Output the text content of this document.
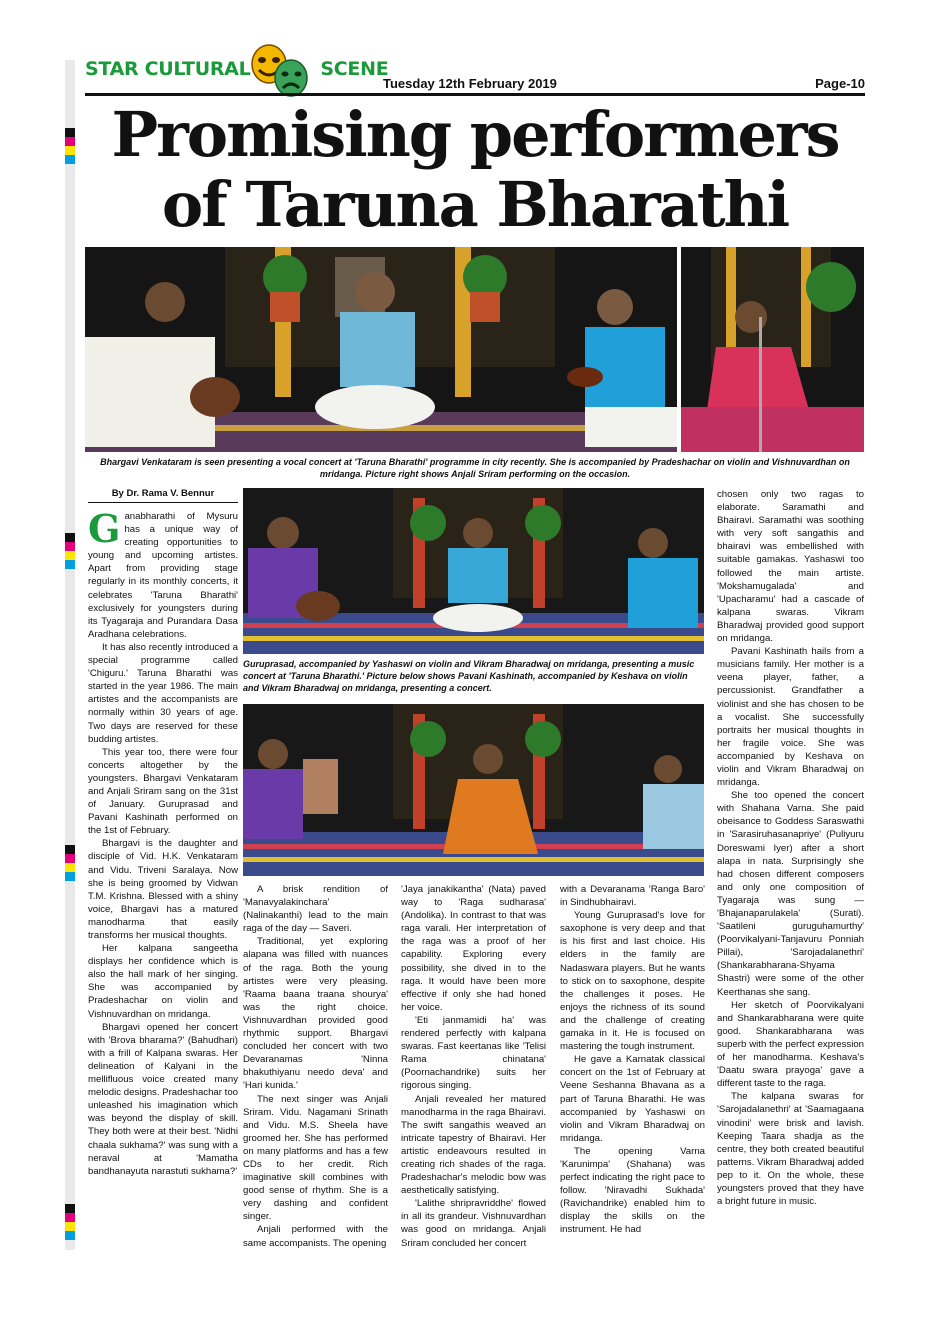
STAR CULTURAL	SCENE
Tuesday 12th February 2019	Page-10
Promising performers
of Taruna Bharathi
Bhargavi Venkataram is seen presenting a vocal concert at 'Taruna Bharathi' programme in city recently. She is accompanied by Pradeshachar on violin and Vishnuvardhan on mridanga. Picture right shows Anjali Sriram performing on the occasion.
By Dr. Rama V. Bennur
Guruprasad, accompanied by Yashaswi on violin and Vikram Bharadwaj on mridanga, presenting a music concert at 'Taruna Bharathi.' Picture below shows Pavani Kashinath, accompanied by Keshava on violin and Vikram Bharadwaj on mridanga, presenting a concert.

Ganabharathi of Mysuru has a unique way of creating opportunities to young and upcoming artistes. Apart from providing stage regularly in its monthly concerts, it celebrates 'Taruna Bharathi' exclusively for youngsters during its Tyagaraja and Purandara Dasa Aradhana celebrations.

It has also recently introduced a special programme called 'Chiguru.' Taruna Bharathi was started in the year 1986. The main artistes and the accompanists are normally within 30 years of age. Two days are reserved for these budding artistes.

This year too, there were four concerts altogether by the youngsters. Bhargavi Venkataram and Anjali Sriram sang on the 31st of January. Guruprasad and Pavani Kashinath performed on the 1st of February.

Bhargavi is the daughter and disciple of Vid. H.K. Venkataram and Vidu. Triveni Saralaya. Now she is being groomed by Vidwan T.M. Krishna. Blessed with a shiny voice, Bhargavi has a matured manodharma that easily transforms her musical thoughts.

Her kalpana sangeetha displays her confidence which is also the hall mark of her singing. She was accompanied by Pradeshachar on violin and Vishnuvardhan on mridanga.

Bhargavi opened her concert with 'Brova bharama?' (Bahudhari) with a frill of Kalpana swaras. Her delineation of Kalyani in the mellifluous voice created many melodic designs. Pradeshachar too unleashed his imagination which was beyond the display of skill. They both were at their best. 'Nidhi chaala sukhama?' was sung with a neraval at 'Mamatha bandhanayuta narastuti sukhama?'

A brisk rendition of 'Manavyalakinchara' (Nalinakanthi) lead to the main raga of the day — Saveri.

Traditional, yet exploring alapana was filled with nuances of the raga. Both the young artistes were very pleasing. 'Raama baana traana shourya' was the right choice. Vishnuvardhan provided good rhythmic support. Bhargavi concluded her concert with two Devaranamas 'Ninna bhakuthiyanu needo deva' and 'Hari kunida.'

The next singer was Anjali Sriram. Vidu. Nagamani Srinath and Vidu. M.S. Sheela have groomed her. She has performed on many platforms and has a few CDs to her credit. Rich imaginative skill combines with good sense of rhythm. She is a very dashing and confident singer.

Anjali performed with the same accompanists. The opening

'Jaya janakikantha' (Nata) paved way to 'Raga sudharasa' (Andolika). In contrast to that was raga varali. Her interpretation of the raga was a proof of her capability. Exploring every possibility, she dived in to the raga. It would have been more effective if only she had honed her voice.

'Eti janmamidi ha' was rendered perfectly with kalpana swaras. Fast keertanas like 'Telisi Rama chinatana' (Poornachandrike) suits her rigorous singing.

Anjali revealed her matured manodharma in the raga Bhairavi. The swift sangathis weaved an intricate tapestry of Bhairavi. Her artistic endeavours resulted in creating rich shades of the raga. Pradeshachar's melodic bow was aesthetically satisfying.

'Lalithe shripravriddhe' flowed in all its grandeur. Vishnuvardhan was good on mridanga. Anjali Sriram concluded her concert

with a Devaranama 'Ranga Baro' in Sindhubhairavi.

Young Guruprasad's love for saxophone is very deep and that is his first and last choice. His elders in the family are Nadaswara players. But he wants to stick on to saxophone, despite the challenges it poses. He enjoys the richness of its sound and the challenge of creating gamaka in it. He is focused on mastering the tough instrument.

He gave a Karnatak classical concert on the 1st of February at Veene Seshanna Bhavana as a part of Taruna Bharathi. He was accompanied by Yashaswi on violin and Vikram Bharadwaj on mridanga.

The opening Varna 'Karunimpa' (Shahana) was perfect indicating the right pace to follow. 'Niravadhi Sukhada' (Ravichandrike) enabled him to display the skills on the instrument. He had

chosen only two ragas to elaborate. Saramathi and Bhairavi. Saramathi was soothing with very soft sangathis and bhairavi was embellished with suitable gamakas. Yashaswi too followed the main artiste. 'Mokshamugalada' and 'Upacharamu' had a cascade of kalpana swaras. Vikram Bharadwaj provided good support on mridanga.

Pavani Kashinath hails from a musicians family. Her mother is a veena player, father, a percussionist. Grandfather a violinist and she has chosen to be a vocalist. She successfully portraits her musical thoughts in her fragile voice. She was accompanied by Keshava on violin and Vikram Bharadwaj on mridanga.

She too opened the concert with Shahana Varna. She paid obeisance to Goddess Saraswathi in 'Sarasiruhasanapriye' (Puliyuru Doreswami Iyer) after a short alapa in nata. Surprisingly she had chosen different composers and only one composition of Tyagaraja was sung — 'Bhajanaparulakela' (Surati). 'Saatileni guruguhamurthy' (Poorvikalyani-Tanjavuru Ponniah Pillai), 'Sarojadalanethri' (Shankarabharana-Shyama Shastri) were some of the other Keerthanas she sang.

Her sketch of Poorvikalyani and Shankarabharana were quite good. Shankarabharana was superb with the perfect expression of her manodharma. Keshava's 'Daatu swara prayoga' gave a different taste to the raga.

The kalpana swaras for 'Sarojadalanethri' at 'Saamagaana vinodini' were brisk and lavish. Keeping Taara shadja as the centre, they both created beautiful patterns. Vikram Bharadwaj added pep to it. On the whole, these youngsters proved that they have a bright future in music.
